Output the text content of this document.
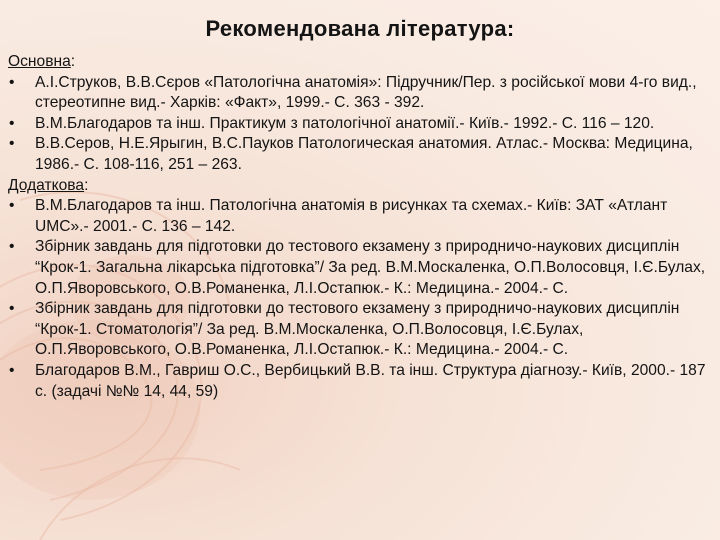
Рекомендована література:
Основна:
• А.І.Струков, В.В.Сєров «Патологічна анатомія»: Підручник/Пер. з російської мови 4-го вид., стереотипне вид.- Харків: «Факт», 1999.- С. 363 - 392.
• В.М.Благодаров та інш. Практикум з патологічної анатомії.- Київ.- 1992.- С. 116 – 120.
• В.В.Серов, Н.Е.Ярыгин, В.С.Пауков Патологическая анатомия. Атлас.- Москва: Медицина, 1986.- С. 108-116, 251 – 263.
Додаткова:
• В.М.Благодаров та інш. Патологічна анатомія в рисунках та схемах.- Київ: ЗАТ «Атлант UMC».- 2001.- С. 136 – 142.
• Збірник завдань для підготовки до тестового екзамену з природничо-наукових дисциплін “Крок-1. Загальна лікарська підготовка”/ За ред. В.М.Москаленка, О.П.Волосовця, І.Є.Булах, О.П.Яворовського, О.В.Романенка, Л.І.Остапюк.- К.: Медицина.- 2004.- С.
• Збірник завдань для підготовки до тестового екзамену з природничо-наукових дисциплін “Крок-1. Стоматологія”/ За ред. В.М.Москаленка, О.П.Волосовця, І.Є.Булах, О.П.Яворовського, О.В.Романенка, Л.І.Остапюк.- К.: Медицина.- 2004.- С.
• Благодаров В.М., Гавриш О.С., Вербицький В.В. та інш. Структура діагнозу.- Київ, 2000.- 187 с. (задачі №№ 14, 44, 59)
